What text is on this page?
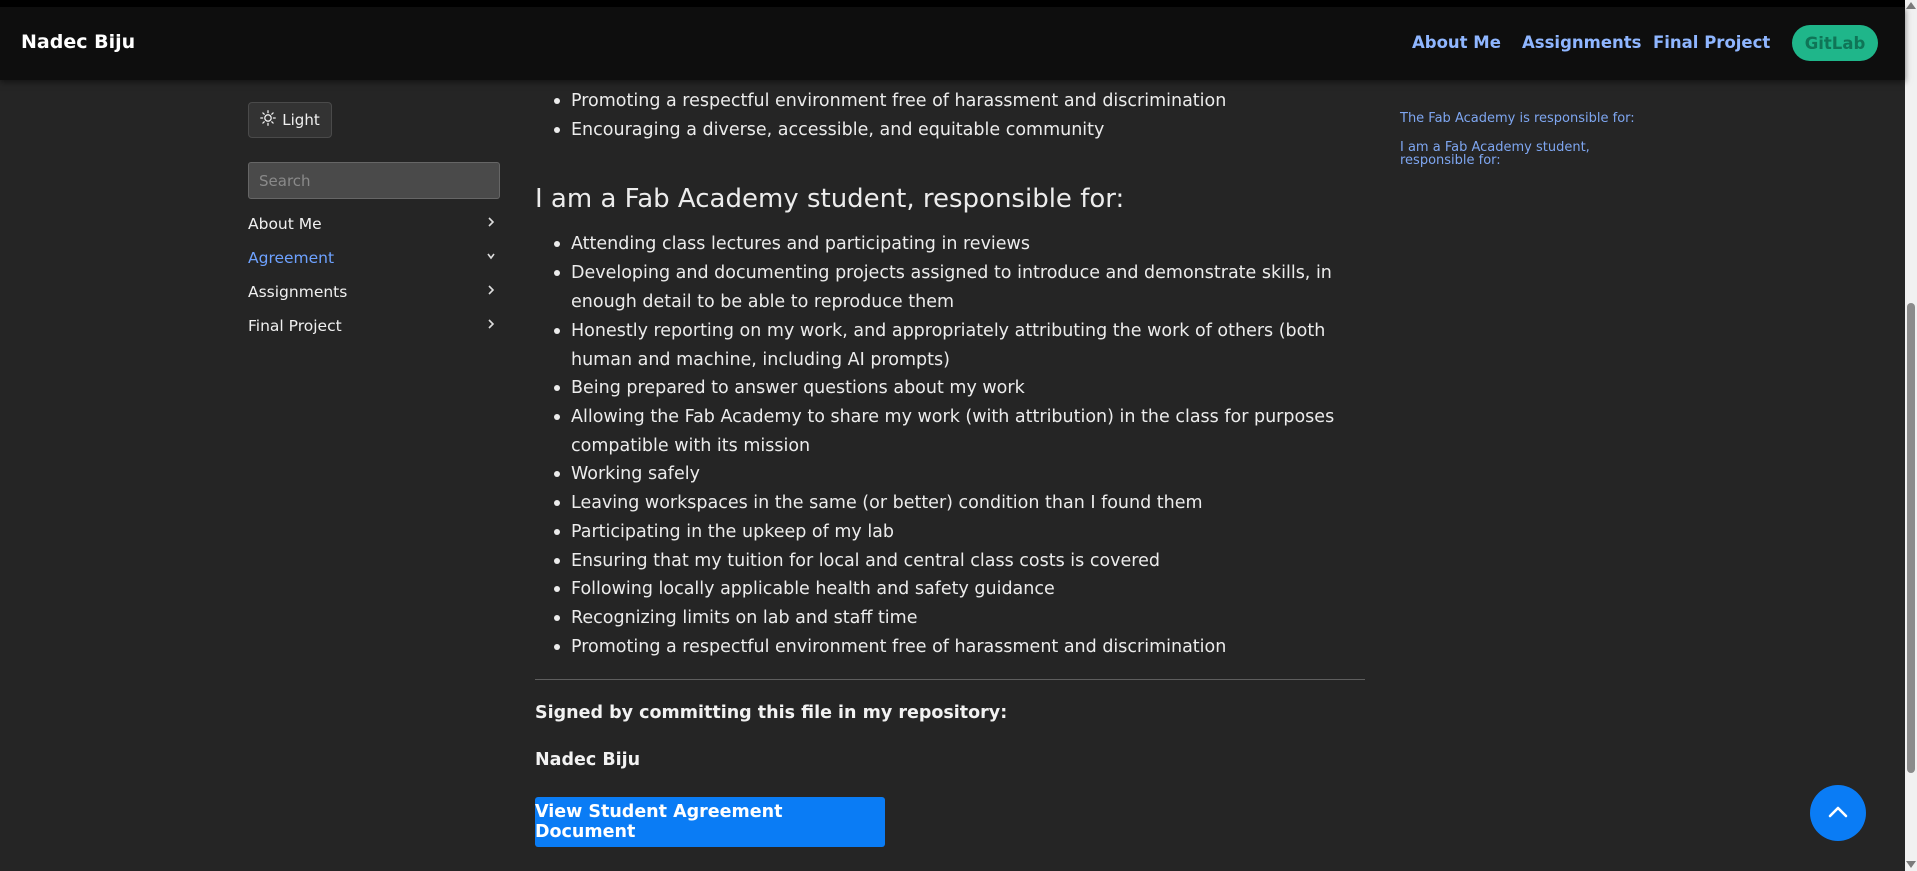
Nadec Biju	About Me Assignments Final Project	GitLab
Light
Search
About Me
Agreement
Assignments
Final Project
Promoting a respectful environment free of harassment and discrimination
Encouraging a diverse, accessible, and equitable community
I am a Fab Academy student, responsible for:
Attending class lectures and participating in reviews
Developing and documenting projects assigned to introduce and demonstrate skills, in enough detail to be able to reproduce them
Honestly reporting on my work, and appropriately attributing the work of others (both human and machine, including AI prompts)
Being prepared to answer questions about my work
Allowing the Fab Academy to share my work (with attribution) in the class for purposes compatible with its mission
Working safely
Leaving workspaces in the same (or better) condition than I found them
Participating in the upkeep of my lab
Ensuring that my tuition for local and central class costs is covered
Following locally applicable health and safety guidance
Recognizing limits on lab and staff time
Promoting a respectful environment free of harassment and discrimination
Signed by committing this file in my repository:
Nadec Biju
View Student Agreement Document
The Fab Academy is responsible for:
I am a Fab Academy student, responsible for:
